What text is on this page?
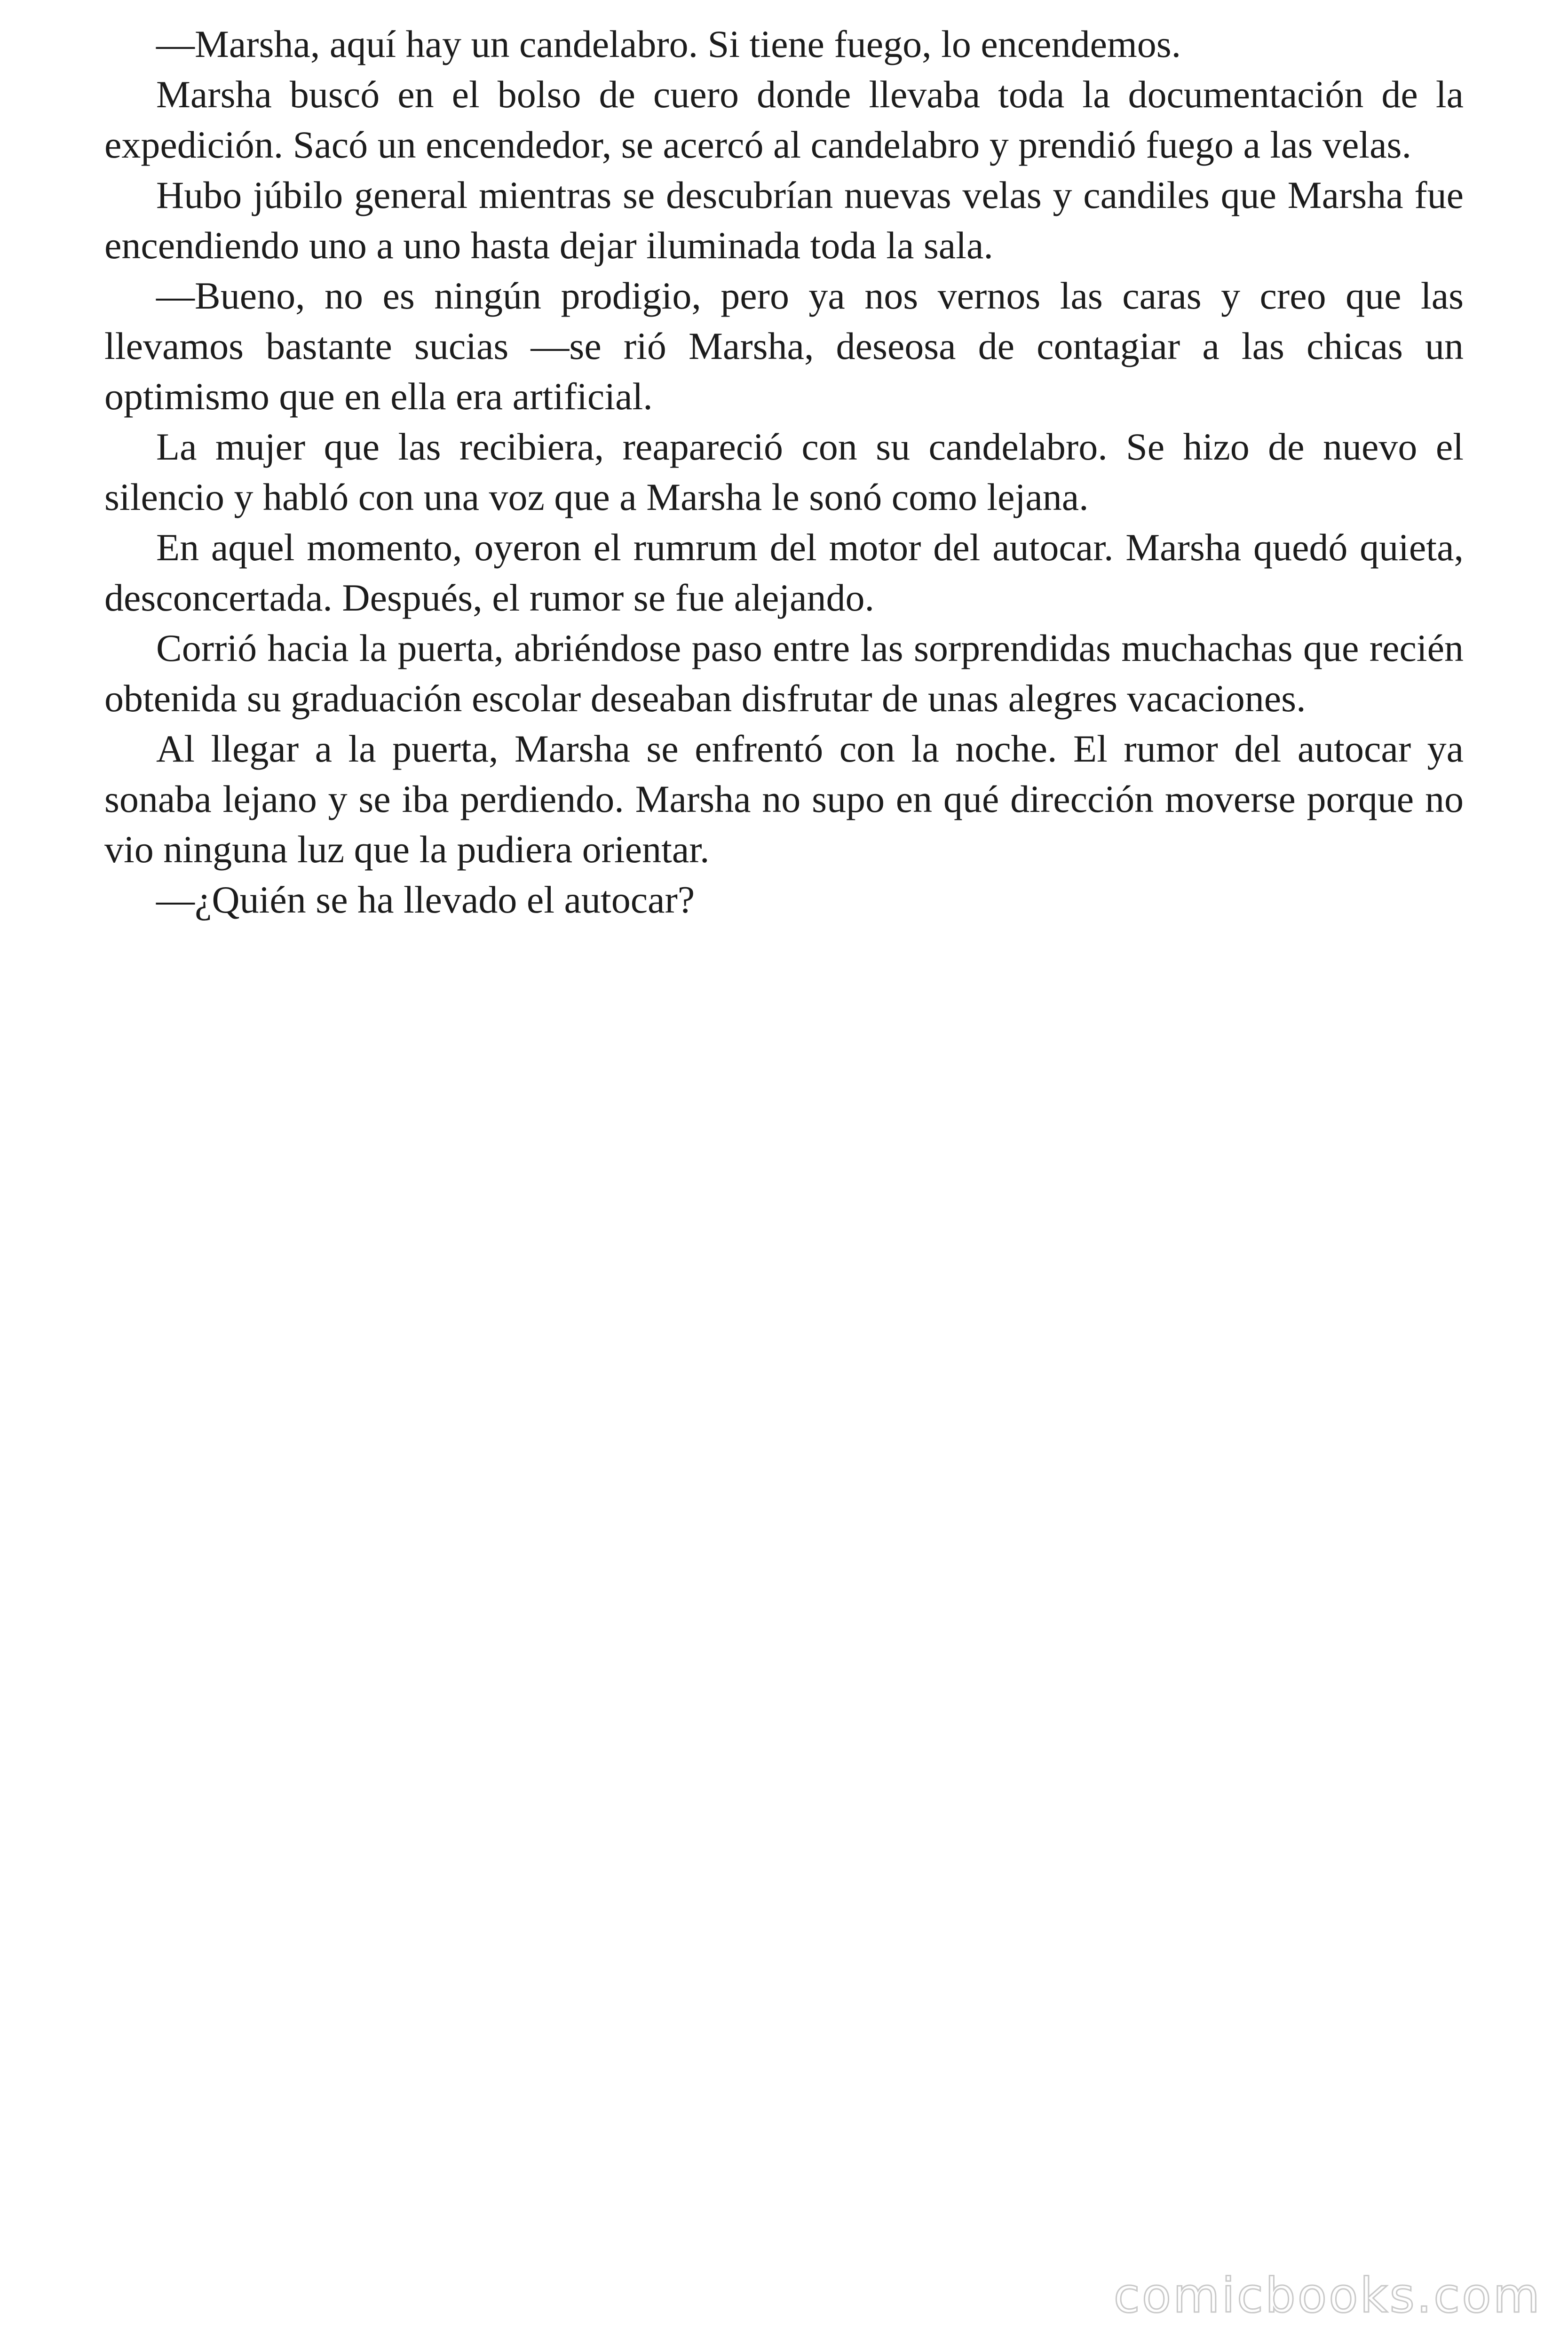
—Marsha, aquí hay un candelabro. Si tiene fuego, lo encendemos.

Marsha buscó en el bolso de cuero donde llevaba toda la documentación de la expedición. Sacó un encendedor, se acercó al candelabro y prendió fuego a las velas.

Hubo júbilo general mientras se descubrían nuevas velas y candiles que Marsha fue encendiendo uno a uno hasta dejar iluminada toda la sala.

—Bueno, no es ningún prodigio, pero ya nos vernos las caras y creo que las llevamos bastante sucias —se rió Marsha, deseosa de contagiar a las chicas un optimismo que en ella era artificial.

La mujer que las recibiera, reapareció con su candelabro. Se hizo de nuevo el silencio y habló con una voz que a Marsha le sonó como lejana.

En aquel momento, oyeron el rumrum del motor del autocar. Marsha quedó quieta, desconcertada. Después, el rumor se fue alejando.

Corrió hacia la puerta, abriéndose paso entre las sorprendidas muchachas que recién obtenida su graduación escolar deseaban disfrutar de unas alegres vacaciones.

Al llegar a la puerta, Marsha se enfrentó con la noche. El rumor del autocar ya sonaba lejano y se iba perdiendo. Marsha no supo en qué dirección moverse porque no vio ninguna luz que la pudiera orientar.

—¿Quién se ha llevado el autocar?

comicbooks.com
